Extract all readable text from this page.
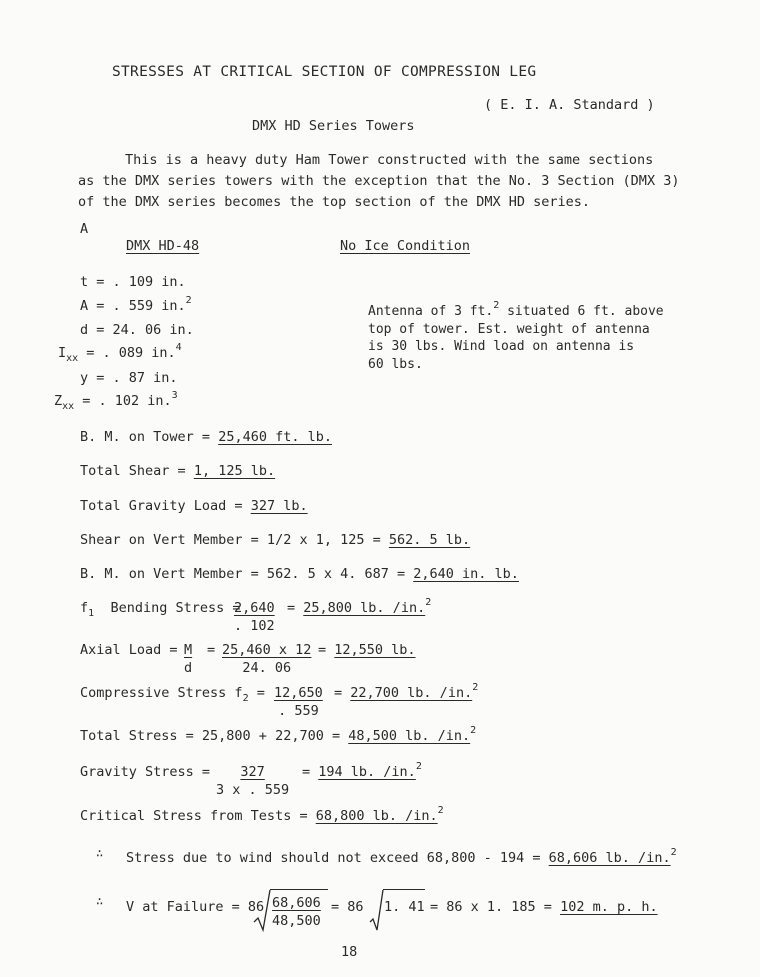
STRESSES AT CRITICAL SECTION OF COMPRESSION LEG
( E. I. A. Standard )
DMX HD Series Towers
This is a heavy duty Ham Tower constructed with the same sections
as the DMX series towers with the exception that the No. 3 Section (DMX 3)
of the DMX series becomes the top section of the DMX HD series.
A
DMX HD-48	No Ice Condition
t = . 109 in.
A = . 559 in.$^2$
d = 24. 06 in.
$I_{xx}$ = . 089 in.$^4$
y = . 87 in.
$Z_{xx}$ = . 102 in.$^3$
Antenna of 3 ft.$^2$ situated 6 ft. above
top of tower. Est. weight of antenna
is 30 lbs. Wind load on antenna is
60 lbs.
B. M. on Tower = 25,460 ft. lb.
Total Shear = 1, 125 lb.
Total Gravity Load = 327 lb.
Shear on Vert Member = 1/2 x 1, 125 = 562. 5 lb.
B. M. on Vert Member = 562. 5 x 4. 687 = 2,640 in. lb.
$f_1$ Bending Stress =
$\frac{2,640}{. 102} = 25,800$ lb. /in.$^2$
Axial Load = $\frac{M}{d} = \frac{25,460 x 12}{24. 06} = 12,550$ lb.
Compressive Stress $f_2 = \frac{12,650}{. 559} = 22,700$ lb. /in.$^2$
Total Stress = 25,800 + 22,700 = 48,500 lb. /in.$^2$
Gravity Stress = $\frac{327}{3 x . 559} = 194$ lb. /in.$^2$
Critical Stress from Tests = 68,800 lb. /in.$^2$
∴ Stress due to wind should not exceed 68,800 - 194 = 68,606 lb. /in.$^2$
∴ V at Failure = $86 \frac{68,606}{48,500} = 86$ 1. 41 = 86 x 1. 185 = 102 m. p. h.
18
